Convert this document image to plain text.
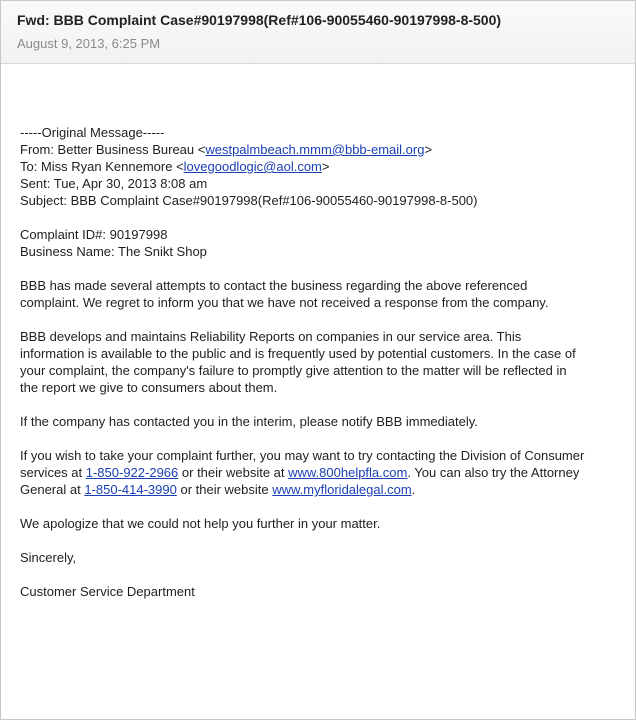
Fwd: BBB Complaint Case#90197998(Ref#106-90055460-90197998-8-500)
August 9, 2013, 6:25 PM

-----Original Message-----
From: Better Business Bureau <westpalmbeach.mmm@bbb-email.org>
To: Miss Ryan Kennemore <lovegoodlogic@aol.com>
Sent: Tue, Apr 30, 2013 8:08 am
Subject: BBB Complaint Case#90197998(Ref#106-90055460-90197998-8-500)

Complaint ID#: 90197998
Business Name: The Snikt Shop

BBB has made several attempts to contact the business regarding the above referenced
complaint. We regret to inform you that we have not received a response from the company.

BBB develops and maintains Reliability Reports on companies in our service area. This
information is available to the public and is frequently used by potential customers. In the case of
your complaint, the company's failure to promptly give attention to the matter will be reflected in
the report we give to consumers about them.

If the company has contacted you in the interim, please notify BBB immediately.

If you wish to take your complaint further, you may want to try contacting the Division of Consumer
services at 1-850-922-2966 or their website at www.800helpfla.com. You can also try the Attorney
General at 1-850-414-3990 or their website www.myfloridalegal.com.

We apologize that we could not help you further in your matter.

Sincerely,

Customer Service Department
